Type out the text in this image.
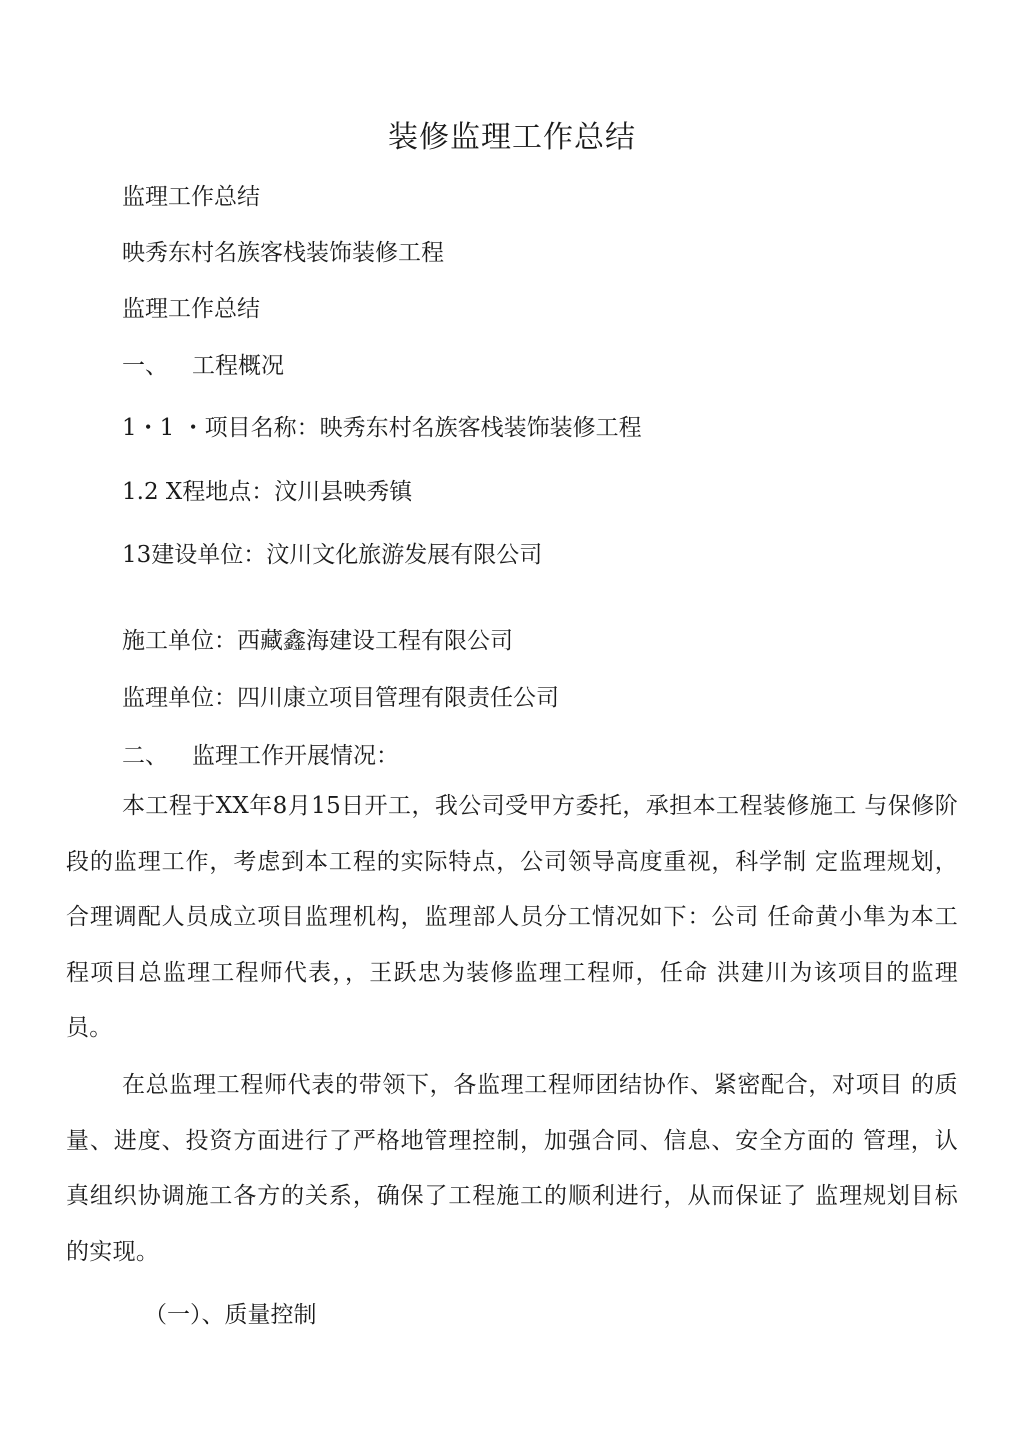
装修监理工作总结
监理工作总结
映秀东村名族客栈装饰装修工程
监理工作总结
一、 工程概况
1・1 ・项目名称：映秀东村名族客栈装饰装修工程
1.2 X程地点：汶川县映秀镇
13建设单位：汶川文化旅游发展有限公司
施工单位：西藏鑫海建设工程有限公司
监理单位：四川康立项目管理有限责任公司
二、 监理工作开展情况：
本工程于XX年8月15日开工，我公司受甲方委托，承担本工程装修施工 与保修阶段的监理工作，考虑到本工程的实际特点，公司领导高度重视，科学制 定监理规划，合理调配人员成立项目监理机构，监理部人员分工情况如下：公司 任命黄小隼为本工程项目总监理工程师代表，，王跃忠为装修监理工程师，任命 洪建川为该项目的监理员。
在总监理工程师代表的带领下，各监理工程师团结协作、紧密配合，对项目 的质量、进度、投资方面进行了严格地管理控制，加强合同、信息、安全方面的 管理，认真组织协调施工各方的关系，确保了工程施工的顺利进行，从而保证了 监理规划目标的实现。
（一）、质量控制
